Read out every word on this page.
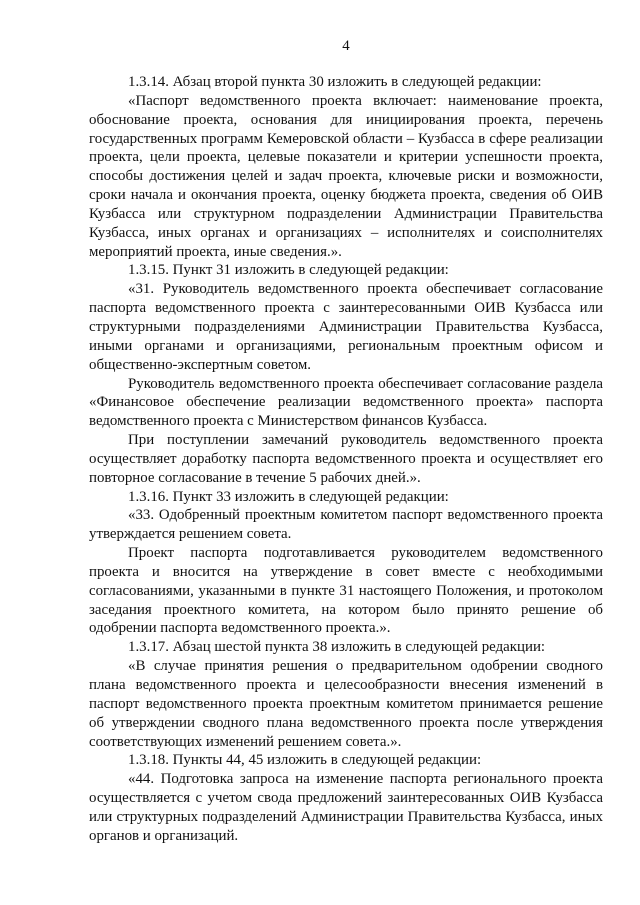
4

1.3.14. Абзац второй пункта 30 изложить в следующей редакции:

«Паспорт ведомственного проекта включает: наименование проекта, обоснование проекта, основания для инициирования проекта, перечень государственных программ Кемеровской области – Кузбасса в сфере реализации проекта, цели проекта, целевые показатели и критерии успешности проекта, способы достижения целей и задач проекта, ключевые риски и возможности, сроки начала и окончания проекта, оценку бюджета проекта, сведения об ОИВ Кузбасса или структурном подразделении Администрации Правительства Кузбасса, иных органах и организациях – исполнителях и соисполнителях мероприятий проекта, иные сведения.».

1.3.15. Пункт 31 изложить в следующей редакции:

«31. Руководитель ведомственного проекта обеспечивает согласование паспорта ведомственного проекта с заинтересованными ОИВ Кузбасса или структурными подразделениями Администрации Правительства Кузбасса, иными органами и организациями, региональным проектным офисом и общественно-экспертным советом.

Руководитель ведомственного проекта обеспечивает согласование раздела «Финансовое обеспечение реализации ведомственного проекта» паспорта ведомственного проекта с Министерством финансов Кузбасса.

При поступлении замечаний руководитель ведомственного проекта осуществляет доработку паспорта ведомственного проекта и осуществляет его повторное согласование в течение 5 рабочих дней.».

1.3.16. Пункт 33 изложить в следующей редакции:

«33. Одобренный проектным комитетом паспорт ведомственного проекта утверждается решением совета.

Проект паспорта подготавливается руководителем ведомственного проекта и вносится на утверждение в совет вместе с необходимыми согласованиями, указанными в пункте 31 настоящего Положения, и протоколом заседания проектного комитета, на котором было принято решение об одобрении паспорта ведомственного проекта.».

1.3.17. Абзац шестой пункта 38 изложить в следующей редакции:

«В случае принятия решения о предварительном одобрении сводного плана ведомственного проекта и целесообразности внесения изменений в паспорт ведомственного проекта проектным комитетом принимается решение об утверждении сводного плана ведомственного проекта после утверждения соответствующих изменений решением совета.».

1.3.18. Пункты 44, 45 изложить в следующей редакции:

«44. Подготовка запроса на изменение паспорта регионального проекта осуществляется с учетом свода предложений заинтересованных ОИВ Кузбасса или структурных подразделений Администрации Правительства Кузбасса, иных органов и организаций.
